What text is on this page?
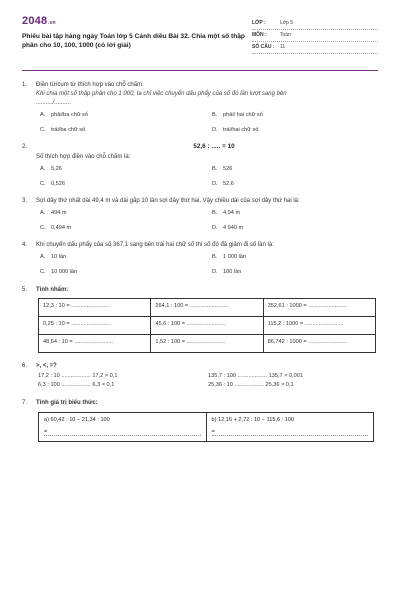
2048 .vn
Phiếu bài tập hàng ngày Toán lớp 5 Cánh diều Bài 32. Chia một số thập phân cho 10, 100, 1000 (có lời giải)
LỚP :	Lớp 5
MÔN :	Toán
SỐ CÂU :	11
1.	Điền từ/cụm từ thích hợp vào chỗ chấm:
Khi chia một số thập phân cho 1 000, ta chỉ việc chuyển dấu phẩy của số đó lần lượt sang bên
........../..........
A.	phải/ba chữ số	B.	phải/ hai chữ số
C. trái/ba chữ số	D. trái/hai chữ số
2.	52,6 : ..... = 10
Số thích hợp điền vào chỗ chấm là:
A.	5,26	B.	526
C. 0,526	D. 52,6
3.	Sợi dây thứ nhất dài 49,4 m và dài gấp 10 lần sợi dây thứ hai. Vậy chiều dài của sợi dây thứ hai là:
A.	494 m	B.	4,94 m
C. 0,494 m	D. 4 940 m
4.	Khi chuyển dấu phẩy của số 367,1 sang bên trái hai chữ số thì số đó đã giảm đi số lần là:
A.	10 lần	B.	1 000 lần
C. 10 000 lần	D. 100 lần
5.	Tính nhẩm:
12,3 : 10 = .........................	264,1 : 100 = .........................	352,61 : 1000 = .........................
0,25 : 10 = .........................	45,6 : 100 = .........................	115,2 : 1000 = .........................
48,64 : 10 = .........................	1,52 : 100 = .........................	86,742 : 1000 = .........................
6.	>, <, =?
17,2 : 10 ................... 17,2 × 0,1	135,7 : 100 ................... 135,7 × 0,001
6,3 : 100 ................... 6,3 × 0,1	25,36 : 10 ................... 25,36 × 0,1
7.	Tính giá trị biểu thức:
a) 60,42 : 10 − 21,34 : 100
=
b) 12,16 + 2,72 : 10 − 115,6 : 100
=
